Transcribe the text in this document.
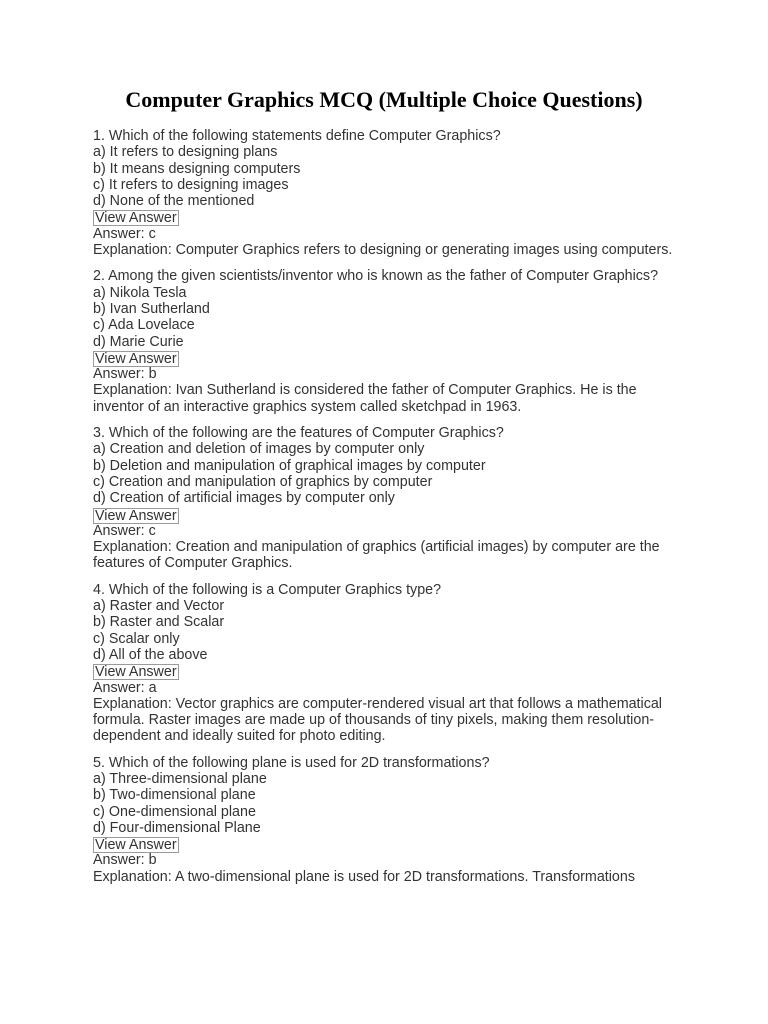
Computer Graphics MCQ (Multiple Choice Questions)
1. Which of the following statements define Computer Graphics?
a) It refers to designing plans
b) It means designing computers
c) It refers to designing images
d) None of the mentioned
View Answer
Answer: c
Explanation: Computer Graphics refers to designing or generating images using computers.
2. Among the given scientists/inventor who is known as the father of Computer Graphics?
a) Nikola Tesla
b) Ivan Sutherland
c) Ada Lovelace
d) Marie Curie
View Answer
Answer: b
Explanation: Ivan Sutherland is considered the father of Computer Graphics. He is the inventor of an interactive graphics system called sketchpad in 1963.
3. Which of the following are the features of Computer Graphics?
a) Creation and deletion of images by computer only
b) Deletion and manipulation of graphical images by computer
c) Creation and manipulation of graphics by computer
d) Creation of artificial images by computer only
View Answer
Answer: c
Explanation: Creation and manipulation of graphics (artificial images) by computer are the features of Computer Graphics.
4. Which of the following is a Computer Graphics type?
a) Raster and Vector
b) Raster and Scalar
c) Scalar only
d) All of the above
View Answer
Answer: a
Explanation: Vector graphics are computer-rendered visual art that follows a mathematical formula. Raster images are made up of thousands of tiny pixels, making them resolution-dependent and ideally suited for photo editing.
5. Which of the following plane is used for 2D transformations?
a) Three-dimensional plane
b) Two-dimensional plane
c) One-dimensional plane
d) Four-dimensional Plane
View Answer
Answer: b
Explanation: A two-dimensional plane is used for 2D transformations. Transformations
